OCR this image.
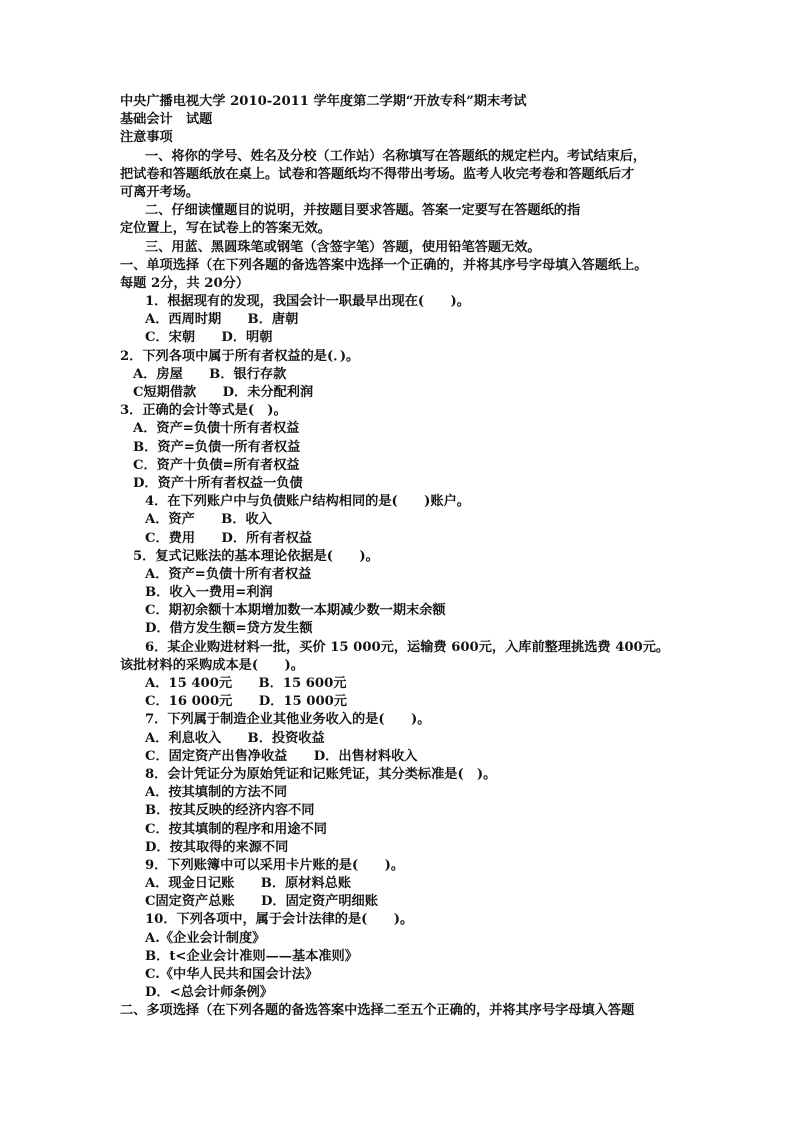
中央广播电视大学 2010-2011 学年度第二学期“开放专科”期末考试
基础会计　试题
注意事项
一、将你的学号、姓名及分校（工作站）名称填写在答题纸的规定栏内。考试结束后，
把试卷和答题纸放在桌上。试卷和答题纸均不得带出考场。监考人收完考卷和答题纸后才
可离开考场。
二、仔细读懂题目的说明，并按题目要求答题。答案一定要写在答题纸的指
定位置上，写在试卷上的答案无效。
三、用蓝、黑圆珠笔或钢笔（含签字笔）答题，使用铅笔答题无效。
一、单项选择（在下列各题的备选答案中选择一个正确的，并将其序号字母填入答题纸上。
每题 2分，共 20分）
1．根据现有的发现，我国会计一职最早出现在(　　)。
A．西周时期　　B．唐朝
C．宋朝　　D．明朝
2．下列各项中属于所有者权益的是(．)。
A．房屋　　B．银行存款
C短期借款　　D．未分配利润
3．正确的会计等式是(　)。
A．资产=负债十所有者权益
B．资产=负债一所有者权益
C．资产十负债=所有者权益
D．资产十所有者权益一负债
4．在下列账户中与负债账户结构相同的是(　　)账户。
A．资产　　B．收入
C．费用　　D．所有者权益
5．复式记账法的基本理论依据是(　　)。
A．资产=负债十所有者权益
B．收入一费用=利润
C．期初余额十本期增加数一本期减少数一期末余额
D．借方发生额=贷方发生额
6．某企业购进材料一批，买价 15 000元，运输费 600元，入库前整理挑选费 400元。
该批材料的采购成本是(　　)。
A．15 400元　　B．15 600元
C．16 000元　　D．15 000元
7．下列属于制造企业其他业务收入的是(　　)。
A．利息收入　　B．投资收益
C．固定资产出售净收益　　D．出售材料收入
8．会计凭证分为原始凭证和记账凭证，其分类标准是(　)。
A．按其填制的方法不同
B．按其反映的经济内容不同
C．按其填制的程序和用途不同
D．按其取得的来源不同
9．下列账簿中可以采用卡片账的是(　　)。
A．现金日记账　　B．原材料总账
C固定资产总账　　D．固定资产明细账
10．下列各项中，属于会计法律的是(　　)。
A.《企业会计制度》
B．t<企业会计准则——基本准则》
C.《中华人民共和国会计法》
D．<总会计师条例》
二、多项选择（在下列各题的备选答案中选择二至五个正确的，并将其序号字母填入答题
